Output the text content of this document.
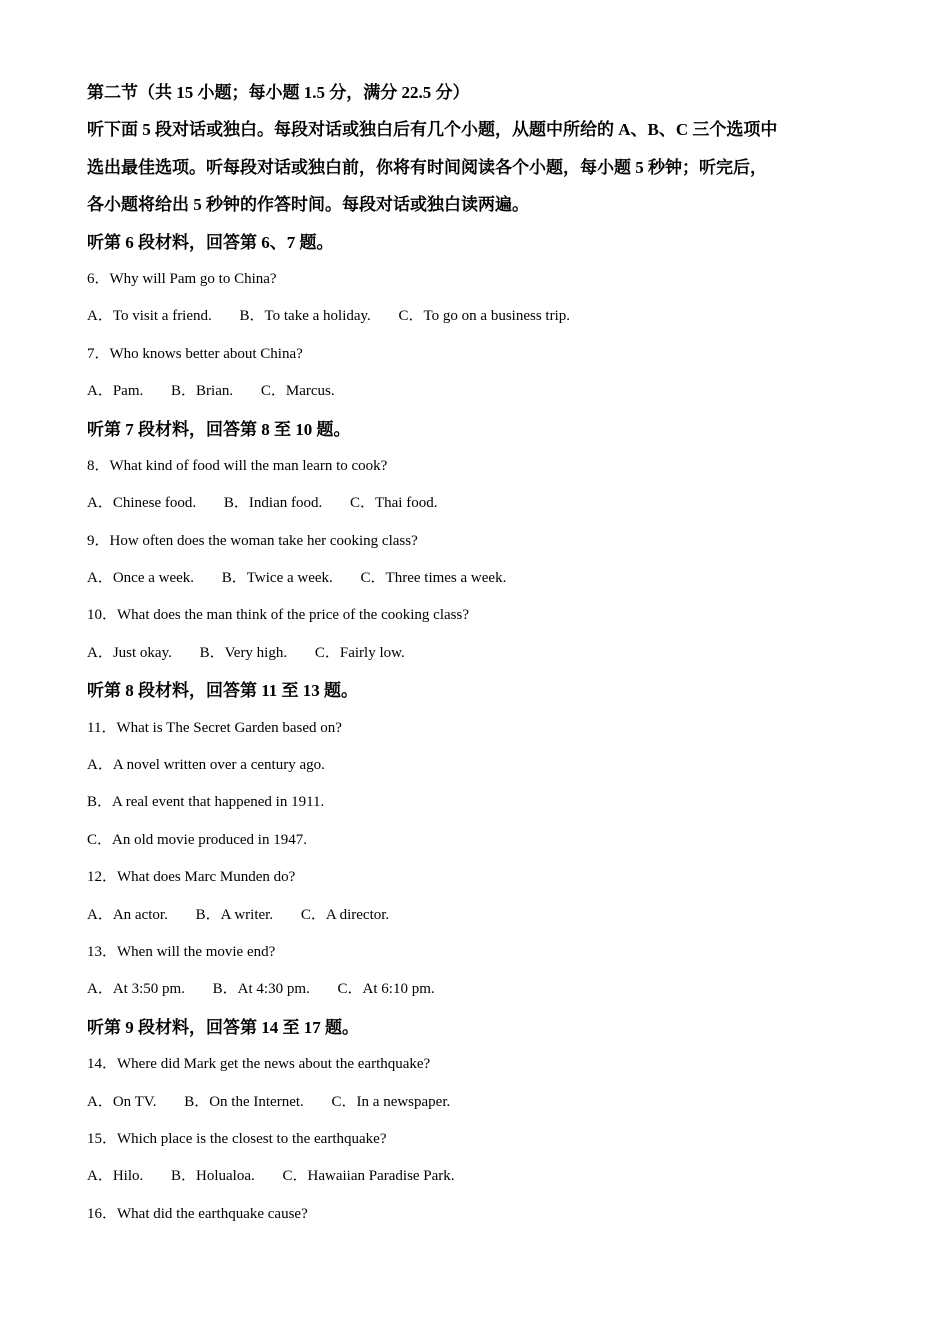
第二节（共 15 小题；每小题 1.5 分，满分 22.5 分）
听下面 5 段对话或独白。每段对话或独白后有几个小题，从题中所给的 A、B、C 三个选项中
选出最佳选项。听每段对话或独白前，你将有时间阅读各个小题，每小题 5 秒钟；听完后，
各小题将给出 5 秒钟的作答时间。每段对话或独白读两遍。
听第 6 段材料，回答第 6、7 题。
6．Why will Pam go to China?
A．To visit a friend. B．To take a holiday. C．To go on a business trip.
7．Who knows better about China?
A．Pam. B．Brian. C．Marcus.
听第 7 段材料，回答第 8 至 10 题。
8．What kind of food will the man learn to cook?
A．Chinese food. B．Indian food. C．Thai food.
9．How often does the woman take her cooking class?
A．Once a week. B．Twice a week. C．Three times a week.
10．What does the man think of the price of the cooking class?
A．Just okay. B．Very high. C．Fairly low.
听第 8 段材料，回答第 11 至 13 题。
11．What is The Secret Garden based on?
A．A novel written over a century ago.
B．A real event that happened in 1911.
C．An old movie produced in 1947.
12．What does Marc Munden do?
A．An actor. B．A writer. C．A director.
13．When will the movie end?
A．At 3:50 pm. B．At 4:30 pm. C．At 6:10 pm.
听第 9 段材料，回答第 14 至 17 题。
14．Where did Mark get the news about the earthquake?
A．On TV. B．On the Internet. C．In a newspaper.
15．Which place is the closest to the earthquake?
A．Hilo. B．Holualoa. C．Hawaiian Paradise Park.
16．What did the earthquake cause?
